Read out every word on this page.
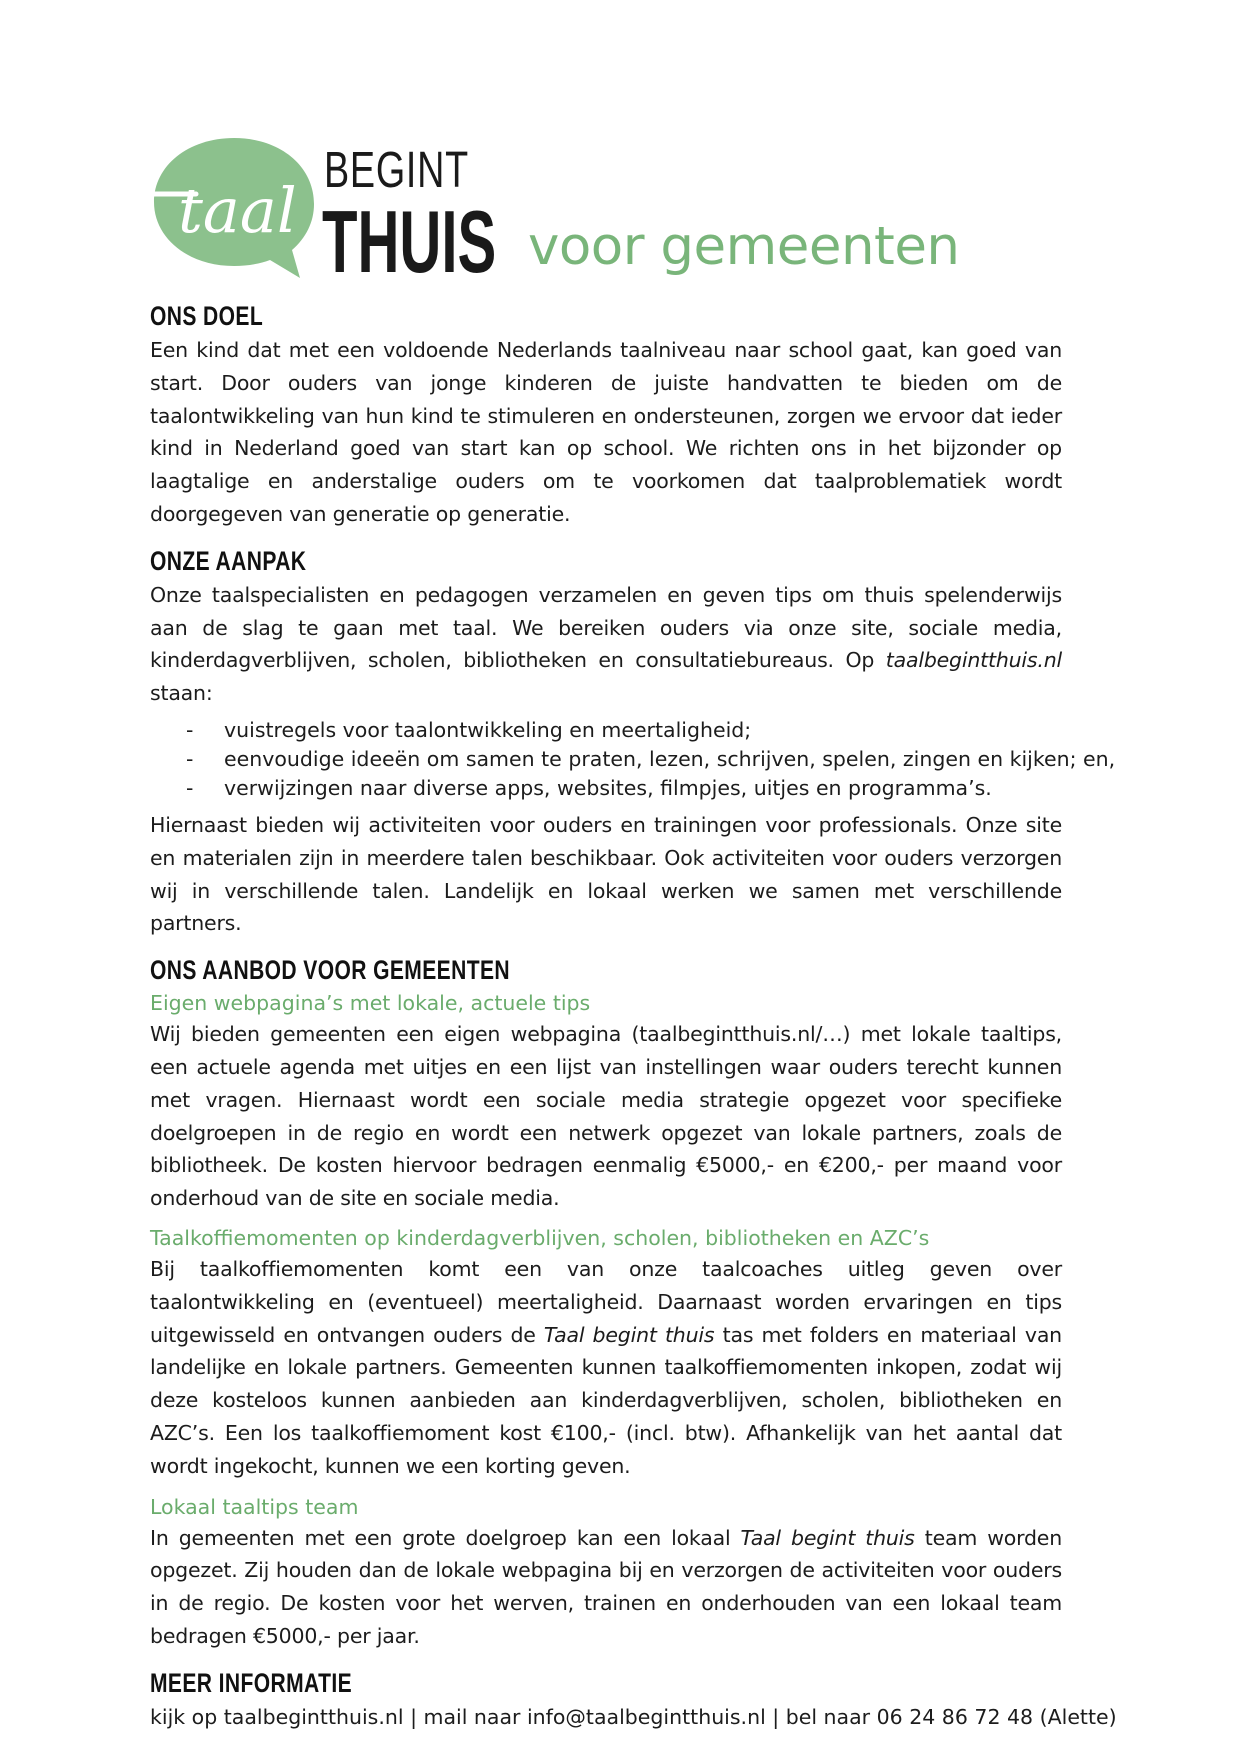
taal
BEGINT
THUIS voor gemeenten
ONS DOEL

Een kind dat met een voldoende Nederlands taalniveau naar school gaat, kan goed van start. Door ouders van jonge kinderen de juiste handvatten te bieden om de taalontwikkeling van hun kind te stimuleren en ondersteunen, zorgen we ervoor dat ieder kind in Nederland goed van start kan op school. We richten ons in het bijzonder op laagtalige en anderstalige ouders om te voorkomen dat taalproblematiek wordt doorgegeven van generatie op generatie.

ONZE AANPAK

Onze taalspecialisten en pedagogen verzamelen en geven tips om thuis spelenderwijs aan de slag te gaan met taal. We bereiken ouders via onze site, sociale media, kinderdagverblijven, scholen, bibliotheken en consultatiebureaus. Op taalbegintthuis.nl staan:

- vuistregels voor taalontwikkeling en meertaligheid;
- eenvoudige ideeën om samen te praten, lezen, schrijven, spelen, zingen en kijken; en,
- verwijzingen naar diverse apps, websites, filmpjes, uitjes en programma’s.

Hiernaast bieden wij activiteiten voor ouders en trainingen voor professionals. Onze site en materialen zijn in meerdere talen beschikbaar. Ook activiteiten voor ouders verzorgen wij in verschillende talen. Landelijk en lokaal werken we samen met verschillende partners.

ONS AANBOD VOOR GEMEENTEN

Eigen webpagina’s met lokale, actuele tips

Wij bieden gemeenten een eigen webpagina (taalbegintthuis.nl/…) met lokale taaltips, een actuele agenda met uitjes en een lijst van instellingen waar ouders terecht kunnen met vragen. Hiernaast wordt een sociale media strategie opgezet voor specifieke doelgroepen in de regio en wordt een netwerk opgezet van lokale partners, zoals de bibliotheek. De kosten hiervoor bedragen eenmalig €5000,- en €200,- per maand voor onderhoud van de site en sociale media.

Taalkoffiemomenten op kinderdagverblijven, scholen, bibliotheken en AZC’s

Bij taalkoffiemomenten komt een van onze taalcoaches uitleg geven over taalontwikkeling en (eventueel) meertaligheid. Daarnaast worden ervaringen en tips uitgewisseld en ontvangen ouders de Taal begint thuis tas met folders en materiaal van landelijke en lokale partners. Gemeenten kunnen taalkoffiemomenten inkopen, zodat wij deze kosteloos kunnen aanbieden aan kinderdagverblijven, scholen, bibliotheken en AZC’s. Een los taalkoffiemoment kost €100,- (incl. btw). Afhankelijk van het aantal dat wordt ingekocht, kunnen we een korting geven.

Lokaal taaltips team

In gemeenten met een grote doelgroep kan een lokaal Taal begint thuis team worden opgezet. Zij houden dan de lokale webpagina bij en verzorgen de activiteiten voor ouders in de regio. De kosten voor het werven, trainen en onderhouden van een lokaal team bedragen €5000,- per jaar.

MEER INFORMATIE

kijk op taalbegintthuis.nl | mail naar info@taalbegintthuis.nl | bel naar 06 24 86 72 48 (Alette)
